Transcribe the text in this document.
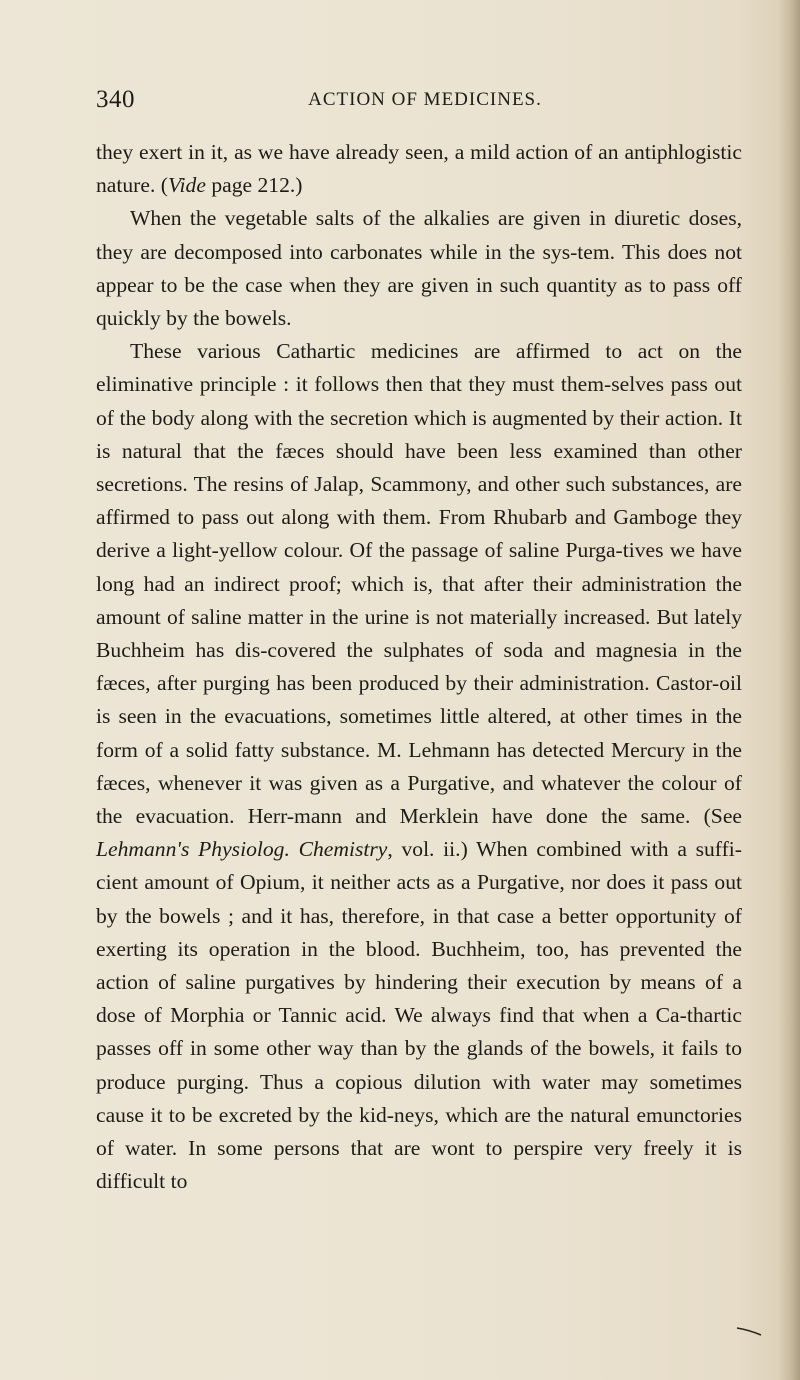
340	ACTION OF MEDICINES.

they exert in it, as we have already seen, a mild action of an antiphlogistic nature. (Vide page 212.)

When the vegetable salts of the alkalies are given in diuretic doses, they are decomposed into carbonates while in the sys-tem. This does not appear to be the case when they are given in such quantity as to pass off quickly by the bowels.

These various Cathartic medicines are affirmed to act on the eliminative principle : it follows then that they must them-selves pass out of the body along with the secretion which is augmented by their action. It is natural that the fæces should have been less examined than other secretions. The resins of Jalap, Scammony, and other such substances, are affirmed to pass out along with them. From Rhubarb and Gamboge they derive a light-yellow colour. Of the passage of saline Purga-tives we have long had an indirect proof; which is, that after their administration the amount of saline matter in the urine is not materially increased. But lately Buchheim has dis-covered the sulphates of soda and magnesia in the fæces, after purging has been produced by their administration. Castor-oil is seen in the evacuations, sometimes little altered, at other times in the form of a solid fatty substance. M. Lehmann has detected Mercury in the fæces, whenever it was given as a Purgative, and whatever the colour of the evacuation. Herr-mann and Merklein have done the same. (See Lehmann's Physiolog. Chemistry, vol. ii.) When combined with a suffi-cient amount of Opium, it neither acts as a Purgative, nor does it pass out by the bowels ; and it has, therefore, in that case a better opportunity of exerting its operation in the blood. Buchheim, too, has prevented the action of saline purgatives by hindering their execution by means of a dose of Morphia or Tannic acid. We always find that when a Ca-thartic passes off in some other way than by the glands of the bowels, it fails to produce purging. Thus a copious dilution with water may sometimes cause it to be excreted by the kid-neys, which are the natural emunctories of water. In some persons that are wont to perspire very freely it is difficult to
